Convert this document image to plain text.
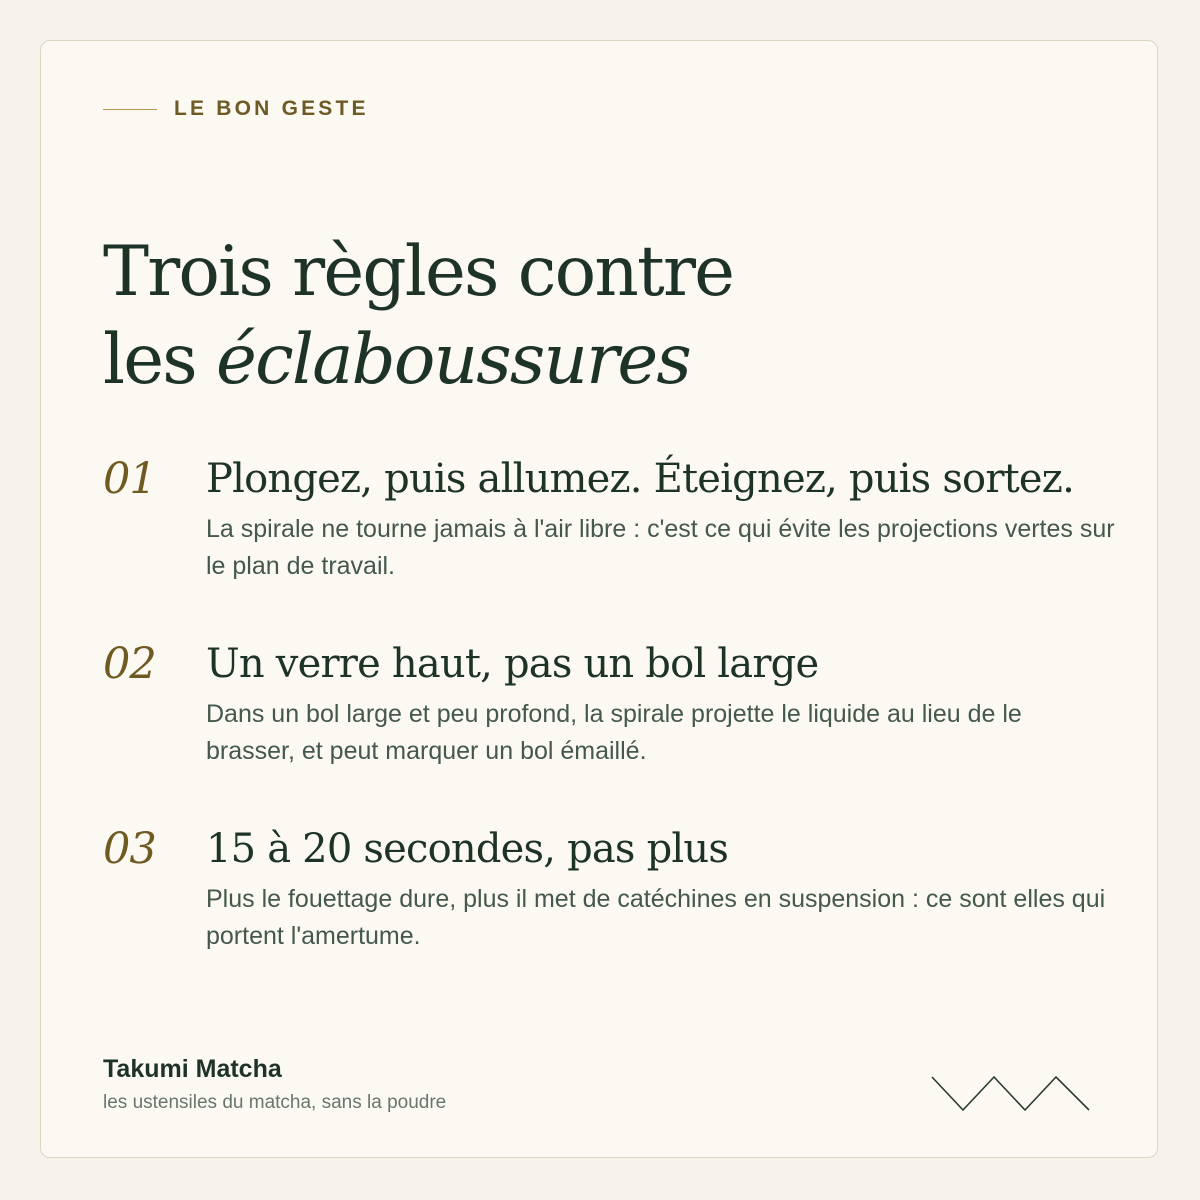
LE BON GESTE
Trois règles contre
les éclaboussures
01 Plongez, puis allumez. Éteignez, puis sortez.
La spirale ne tourne jamais à l'air libre : c'est ce qui évite les projections vertes sur le plan de travail.
02 Un verre haut, pas un bol large
Dans un bol large et peu profond, la spirale projette le liquide au lieu de le brasser, et peut marquer un bol émaillé.
03 15 à 20 secondes, pas plus
Plus le fouettage dure, plus il met de catéchines en suspension : ce sont elles qui portent l'amertume.
Takumi Matcha
les ustensiles du matcha, sans la poudre
